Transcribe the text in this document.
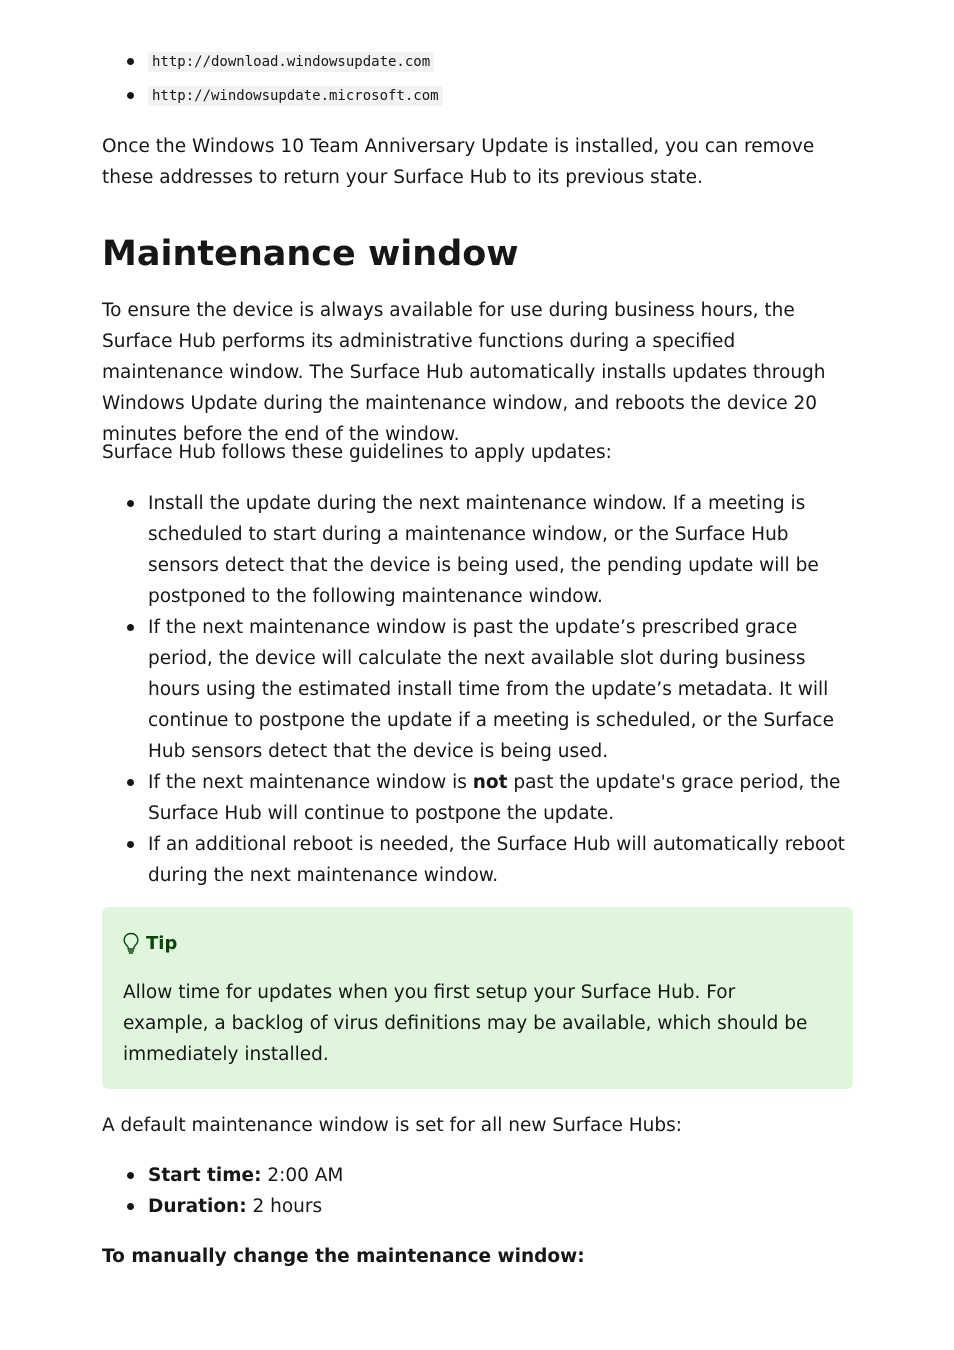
http://download.windowsupdate.com
http://windowsupdate.microsoft.com

Once the Windows 10 Team Anniversary Update is installed, you can remove these addresses to return your Surface Hub to its previous state.

Maintenance window

To ensure the device is always available for use during business hours, the Surface Hub performs its administrative functions during a specified maintenance window. The Surface Hub automatically installs updates through Windows Update during the maintenance window, and reboots the device 20 minutes before the end of the window.

Surface Hub follows these guidelines to apply updates:

Install the update during the next maintenance window. If a meeting is scheduled to start during a maintenance window, or the Surface Hub sensors detect that the device is being used, the pending update will be postponed to the following maintenance window.
If the next maintenance window is past the update’s prescribed grace period, the device will calculate the next available slot during business hours using the estimated install time from the update’s metadata. It will continue to postpone the update if a meeting is scheduled, or the Surface Hub sensors detect that the device is being used.
If the next maintenance window is not past the update's grace period, the Surface Hub will continue to postpone the update.
If an additional reboot is needed, the Surface Hub will automatically reboot during the next maintenance window.
Tip

Allow time for updates when you first setup your Surface Hub. For example, a backlog of virus definitions may be available, which should be immediately installed.

A default maintenance window is set for all new Surface Hubs:

Start time: 2:00 AM
Duration: 2 hours

To manually change the maintenance window:
